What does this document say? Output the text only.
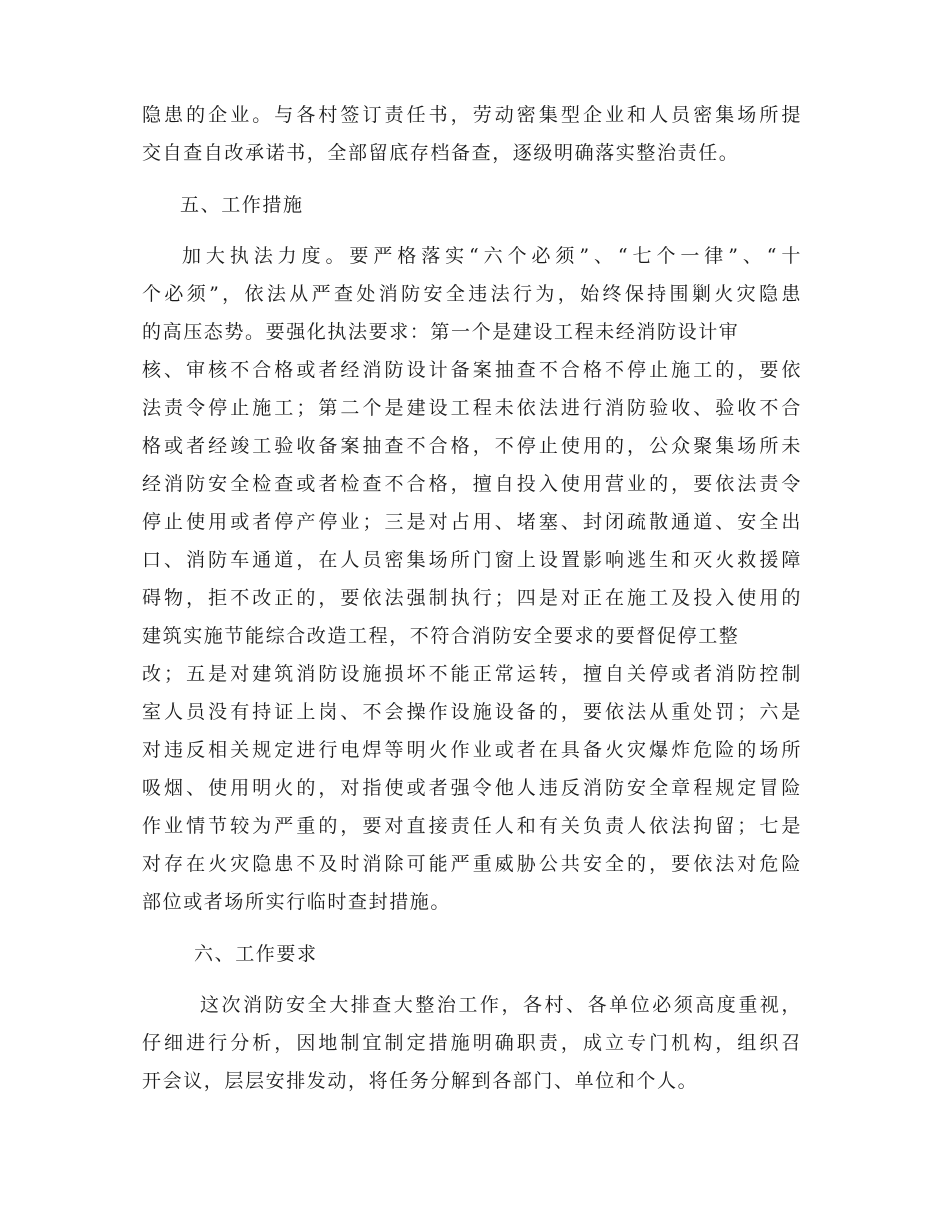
隐患的企业。与各村签订责任书，劳动密集型企业和人员密集场所提
交自查自改承诺书，全部留底存档备查，逐级明确落实整治责任。
五、工作措施
加大执法力度。要严格落实“六个必须”、“七个一律”、“十
个必须”，依法从严查处消防安全违法行为，始终保持围剿火灾隐患
的高压态势。要强化执法要求：第一个是建设工程未经消防设计审
核、审核不合格或者经消防设计备案抽查不合格不停止施工的，要依
法责令停止施工；第二个是建设工程未依法进行消防验收、验收不合
格或者经竣工验收备案抽查不合格，不停止使用的，公众聚集场所未
经消防安全检查或者检查不合格，擅自投入使用营业的，要依法责令
停止使用或者停产停业；三是对占用、堵塞、封闭疏散通道、安全出
口、消防车通道，在人员密集场所门窗上设置影响逃生和灭火救援障
碍物，拒不改正的，要依法强制执行；四是对正在施工及投入使用的
建筑实施节能综合改造工程，不符合消防安全要求的要督促停工整
改；五是对建筑消防设施损坏不能正常运转，擅自关停或者消防控制
室人员没有持证上岗、不会操作设施设备的，要依法从重处罚；六是
对违反相关规定进行电焊等明火作业或者在具备火灾爆炸危险的场所
吸烟、使用明火的，对指使或者强令他人违反消防安全章程规定冒险
作业情节较为严重的，要对直接责任人和有关负责人依法拘留；七是
对存在火灾隐患不及时消除可能严重威胁公共安全的，要依法对危险
部位或者场所实行临时查封措施。
六、工作要求
这次消防安全大排查大整治工作，各村、各单位必须高度重视，
仔细进行分析，因地制宜制定措施明确职责，成立专门机构，组织召
开会议，层层安排发动，将任务分解到各部门、单位和个人。
